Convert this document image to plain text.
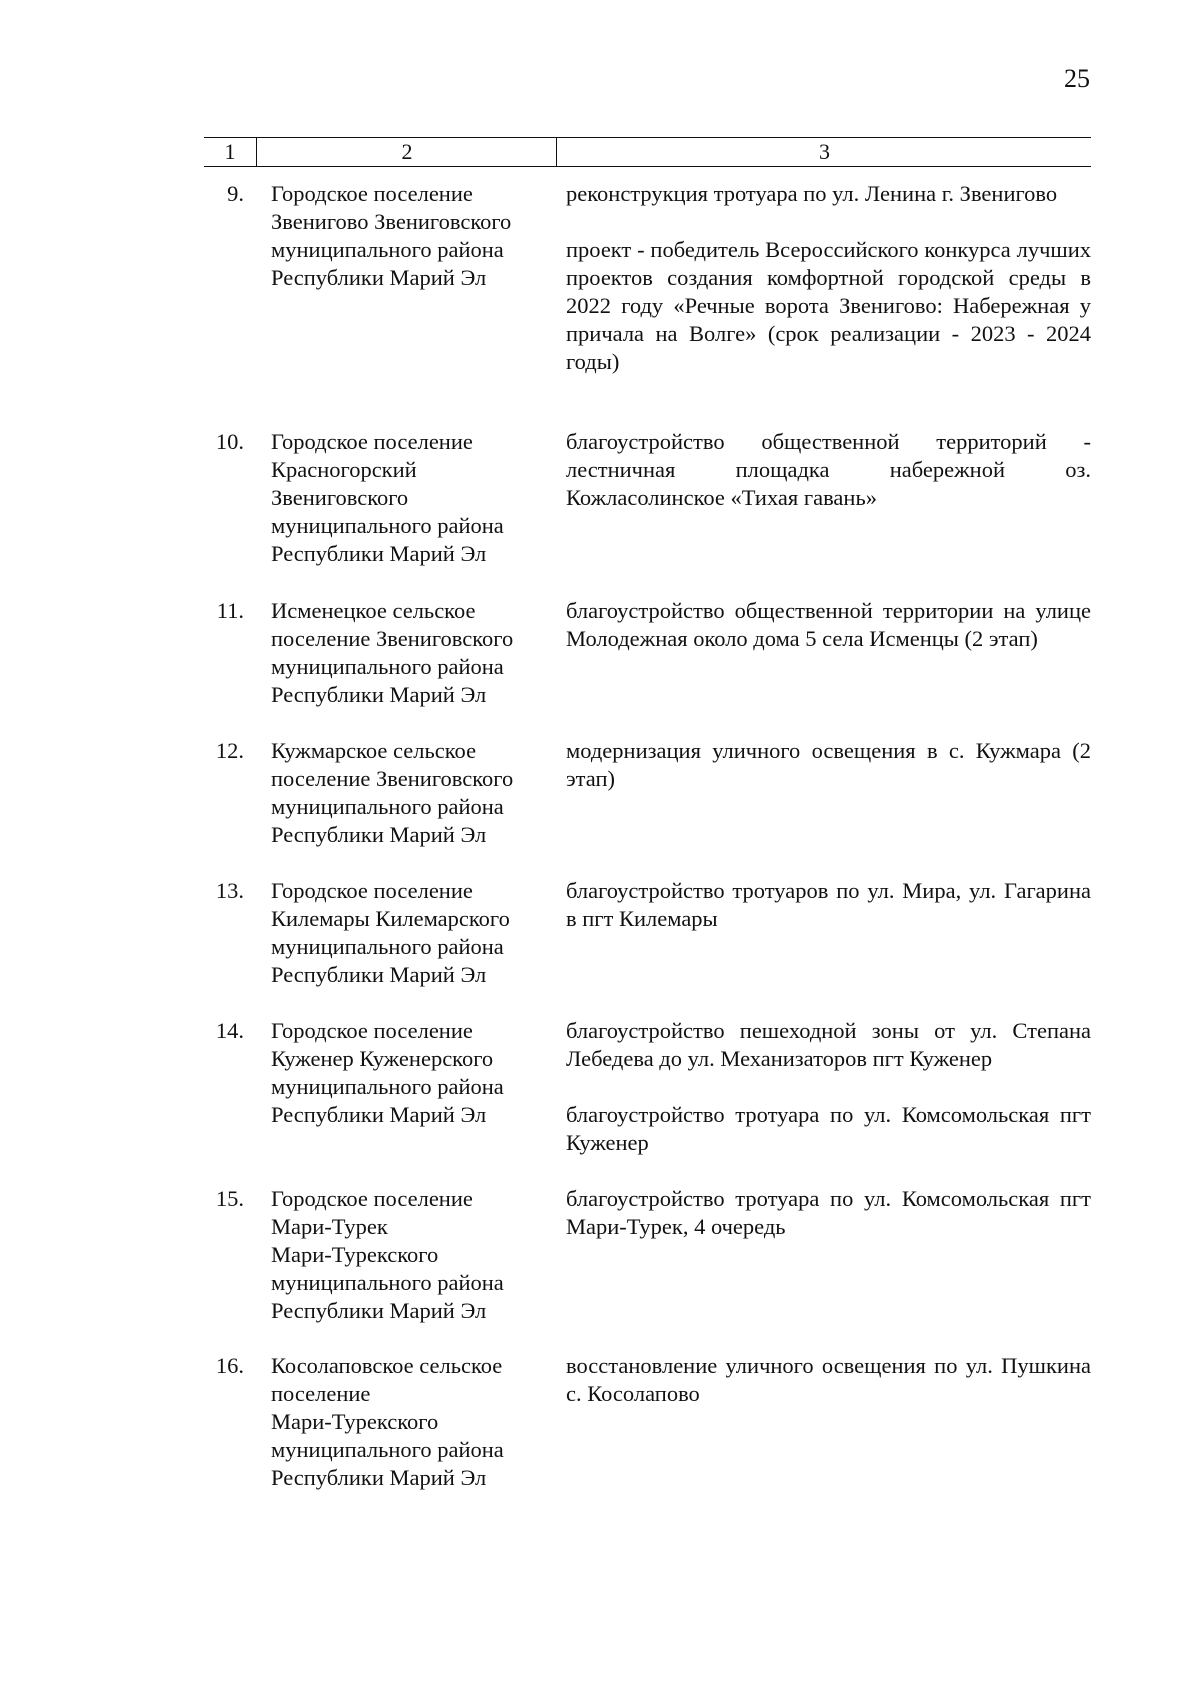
25
1	2	3
9. Городское поселение
Звенигово Звениговского
муниципального района
Республики Марий Эл

реконструкция тротуара по ул. Ленина г. Звенигово

проект - победитель Всероссийского конкурса лучших проектов создания комфортной городской среды в 2022 году «Речные ворота Звенигово: Набережная у причала на Волге» (срок реализации - 2023 - 2024 годы)

10. Городское поселение
Красногорский
Звениговского
муниципального района
Республики Марий Эл

благоустройство общественной территорий - лестничная площадка набережной оз. Кожласолинское «Тихая гавань»

11. Исменецкое сельское
поселение Звениговского
муниципального района
Республики Марий Эл

благоустройство общественной территории на улице Молодежная около дома 5 села Исменцы (2 этап)

12. Кужмарское сельское
поселение Звениговского
муниципального района
Республики Марий Эл

модернизация уличного освещения в с. Кужмара (2 этап)

13. Городское поселение
Килемары Килемарского
муниципального района
Республики Марий Эл

благоустройство тротуаров по ул. Мира, ул. Гагарина в пгт Килемары

14. Городское поселение
Куженер Куженерского
муниципального района
Республики Марий Эл

благоустройство пешеходной зоны от ул. Степана Лебедева до ул. Механизаторов пгт Куженер

благоустройство тротуара по ул. Комсомольская пгт Куженер

15. Городское поселение
Мари-Турек
Мари-Турекского
муниципального района
Республики Марий Эл

благоустройство тротуара по ул. Комсомольская пгт Мари-Турек, 4 очередь

16. Косолаповское сельское
поселение
Мари-Турекского
муниципального района
Республики Марий Эл

восстановление уличного освещения по ул. Пушкина с. Косолапово
